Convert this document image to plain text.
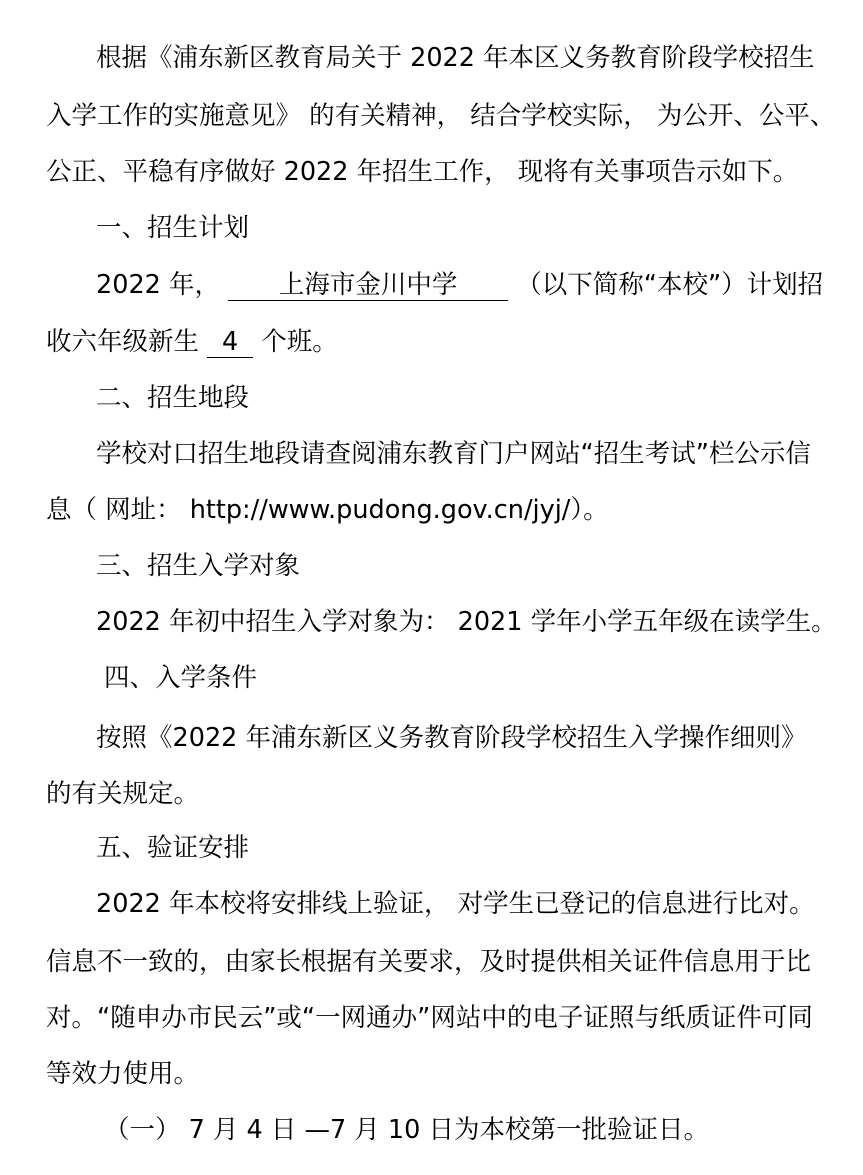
根据《浦东新区教育局关于 2022 年本区义务教育阶段学校招生
入学工作的实施意见》 的有关精神， 结合学校实际， 为公开、公平、
公正、平稳有序做好 2022 年招生工作， 现将有关事项告示如下。
一、招生计划
2022 年， 上海市金川中学 （以下简称“本校”）计划招
收六年级新生 4 个班。
二、招生地段
学校对口招生地段请查阅浦东教育门户网站“招生考试”栏公示信
息（ 网址： http://www.pudong.gov.cn/jyj/）。
三、招生入学对象
2022 年初中招生入学对象为： 2021 学年小学五年级在读学生。
四、入学条件
按照《2022 年浦东新区义务教育阶段学校招生入学操作细则》
的有关规定。
五、验证安排
2022 年本校将安排线上验证， 对学生已登记的信息进行比对。
信息不一致的，由家长根据有关要求，及时提供相关证件信息用于比
对。“随申办市民云”或“一网通办”网站中的电子证照与纸质证件可同
等效力使用。
（一） 7 月 4 日 —7 月 10 日为本校第一批验证日。
